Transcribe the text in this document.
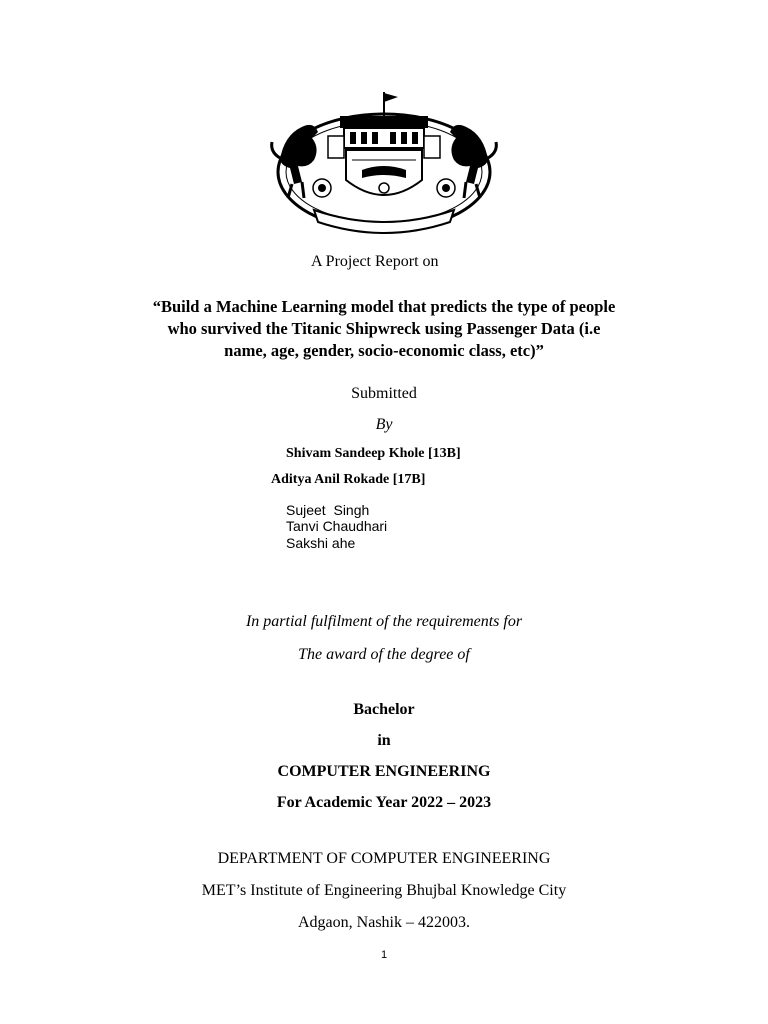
A Project Report on
“Build a Machine Learning model that predicts the type of people
who survived the Titanic Shipwreck using Passenger Data (i.e
name, age, gender, socio-economic class, etc)”
Submitted
By
Shivam Sandeep Khole [13B]
Aditya Anil Rokade [17B]
Sujeet  Singh
Tanvi Chaudhari
Sakshi ahe
In partial fulfilment of the requirements for
The award of the degree of
Bachelor
in
COMPUTER ENGINEERING
For Academic Year 2022 – 2023
DEPARTMENT OF COMPUTER ENGINEERING
MET’s Institute of Engineering Bhujbal Knowledge City
Adgaon, Nashik – 422003.
1
